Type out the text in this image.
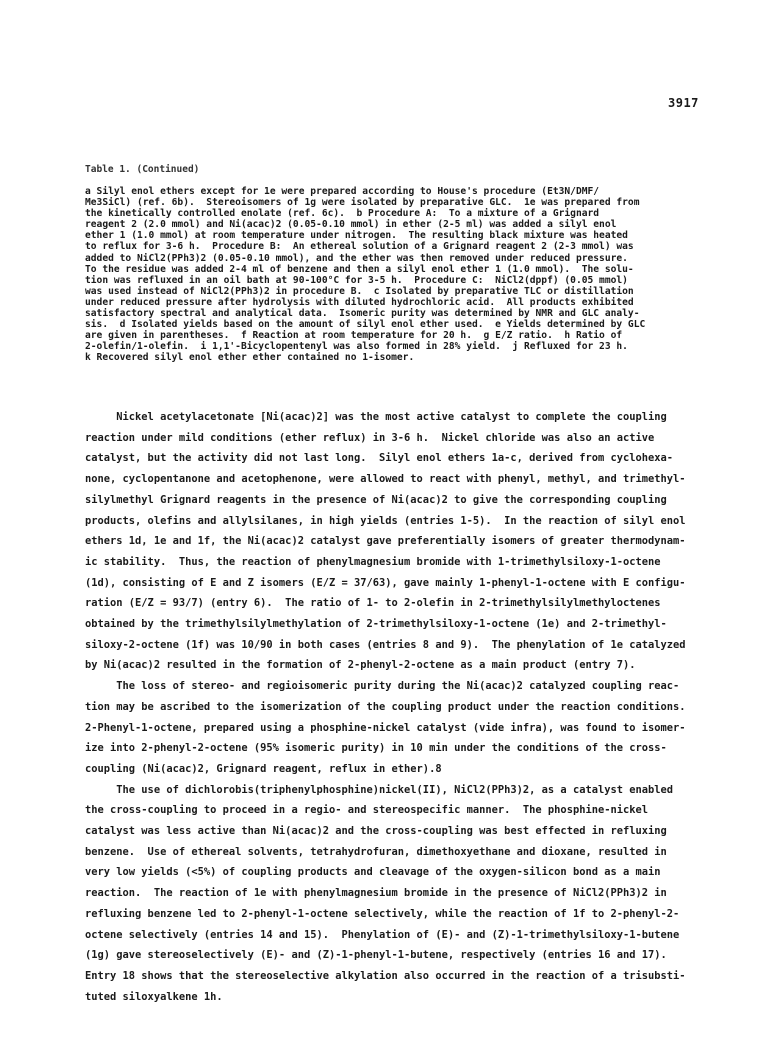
3917
Table 1. (Continued)
a Silyl enol ethers except for 1e were prepared according to House's procedure (Et3N/DMF/
Me3SiCl) (ref. 6b).  Stereoisomers of 1g were isolated by preparative GLC.  1e was prepared from
the kinetically controlled enolate (ref. 6c).  b Procedure A:  To a mixture of a Grignard
reagent 2 (2.0 mmol) and Ni(acac)2 (0.05-0.10 mmol) in ether (2-5 ml) was added a silyl enol
ether 1 (1.0 mmol) at room temperature under nitrogen.  The resulting black mixture was heated
to reflux for 3-6 h.  Procedure B:  An ethereal solution of a Grignard reagent 2 (2-3 mmol) was
added to NiCl2(PPh3)2 (0.05-0.10 mmol), and the ether was then removed under reduced pressure.
To the residue was added 2-4 ml of benzene and then a silyl enol ether 1 (1.0 mmol).  The solu-
tion was refluxed in an oil bath at 90-100°C for 3-5 h.  Procedure C:  NiCl2(dppf) (0.05 mmol)
was used instead of NiCl2(PPh3)2 in procedure B.  c Isolated by preparative TLC or distillation
under reduced pressure after hydrolysis with diluted hydrochloric acid.  All products exhibited
satisfactory spectral and analytical data.  Isomeric purity was determined by NMR and GLC analy-
sis.  d Isolated yields based on the amount of silyl enol ether used.  e Yields determined by GLC
are given in parentheses.  f Reaction at room temperature for 20 h.  g E/Z ratio.  h Ratio of
2-olefin/1-olefin.  i 1,1'-Bicyclopentenyl was also formed in 28% yield.  j Refluxed for 23 h.
k Recovered silyl enol ether ether contained no 1-isomer.
Nickel acetylacetonate [Ni(acac)2] was the most active catalyst to complete the coupling
reaction under mild conditions (ether reflux) in 3-6 h.  Nickel chloride was also an active
catalyst, but the activity did not last long.  Silyl enol ethers 1a-c, derived from cyclohexa-
none, cyclopentanone and acetophenone, were allowed to react with phenyl, methyl, and trimethyl-
silylmethyl Grignard reagents in the presence of Ni(acac)2 to give the corresponding coupling
products, olefins and allylsilanes, in high yields (entries 1-5).  In the reaction of silyl enol
ethers 1d, 1e and 1f, the Ni(acac)2 catalyst gave preferentially isomers of greater thermodynam-
ic stability.  Thus, the reaction of phenylmagnesium bromide with 1-trimethylsiloxy-1-octene
(1d), consisting of E and Z isomers (E/Z = 37/63), gave mainly 1-phenyl-1-octene with E configu-
ration (E/Z = 93/7) (entry 6).  The ratio of 1- to 2-olefin in 2-trimethylsilylmethyloctenes
obtained by the trimethylsilylmethylation of 2-trimethylsiloxy-1-octene (1e) and 2-trimethyl-
siloxy-2-octene (1f) was 10/90 in both cases (entries 8 and 9).  The phenylation of 1e catalyzed
by Ni(acac)2 resulted in the formation of 2-phenyl-2-octene as a main product (entry 7).
The loss of stereo- and regioisomeric purity during the Ni(acac)2 catalyzed coupling reac-
tion may be ascribed to the isomerization of the coupling product under the reaction conditions.
2-Phenyl-1-octene, prepared using a phosphine-nickel catalyst (vide infra), was found to isomer-
ize into 2-phenyl-2-octene (95% isomeric purity) in 10 min under the conditions of the cross-
coupling (Ni(acac)2, Grignard reagent, reflux in ether).8
The use of dichlorobis(triphenylphosphine)nickel(II), NiCl2(PPh3)2, as a catalyst enabled
the cross-coupling to proceed in a regio- and stereospecific manner.  The phosphine-nickel
catalyst was less active than Ni(acac)2 and the cross-coupling was best effected in refluxing
benzene.  Use of ethereal solvents, tetrahydrofuran, dimethoxyethane and dioxane, resulted in
very low yields (<5%) of coupling products and cleavage of the oxygen-silicon bond as a main
reaction.  The reaction of 1e with phenylmagnesium bromide in the presence of NiCl2(PPh3)2 in
refluxing benzene led to 2-phenyl-1-octene selectively, while the reaction of 1f to 2-phenyl-2-
octene selectively (entries 14 and 15).  Phenylation of (E)- and (Z)-1-trimethylsiloxy-1-butene
(1g) gave stereoselectively (E)- and (Z)-1-phenyl-1-butene, respectively (entries 16 and 17).
Entry 18 shows that the stereoselective alkylation also occurred in the reaction of a trisubsti-
tuted siloxyalkene 1h.
